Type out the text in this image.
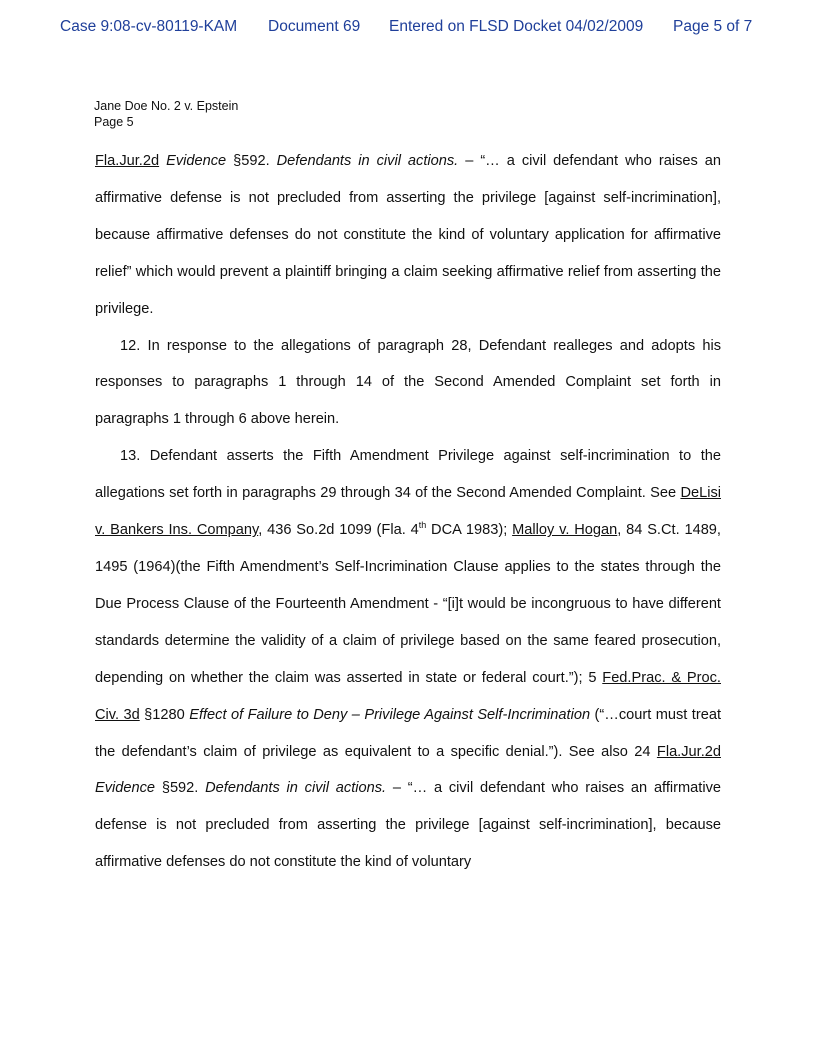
Case 9:08-cv-80119-KAM Document 69 Entered on FLSD Docket 04/02/2009 Page 5 of 7
Jane Doe No. 2 v. Epstein
Page 5

Fla.Jur.2d Evidence §592. Defendants in civil actions. – “… a civil defendant who raises an affirmative defense is not precluded from asserting the privilege [against self-incrimination], because affirmative defenses do not constitute the kind of voluntary application for affirmative relief” which would prevent a plaintiff bringing a claim seeking affirmative relief from asserting the privilege.

12. In response to the allegations of paragraph 28, Defendant realleges and adopts his responses to paragraphs 1 through 14 of the Second Amended Complaint set forth in paragraphs 1 through 6 above herein.

13. Defendant asserts the Fifth Amendment Privilege against self-incrimination to the allegations set forth in paragraphs 29 through 34 of the Second Amended Complaint. See DeLisi v. Bankers Ins. Company, 436 So.2d 1099 (Fla. 4th DCA 1983); Malloy v. Hogan, 84 S.Ct. 1489, 1495 (1964)(the Fifth Amendment’s Self-Incrimination Clause applies to the states through the Due Process Clause of the Fourteenth Amendment - “[i]t would be incongruous to have different standards determine the validity of a claim of privilege based on the same feared prosecution, depending on whether the claim was asserted in state or federal court.”); 5 Fed.Prac. & Proc. Civ. 3d §1280 Effect of Failure to Deny – Privilege Against Self-Incrimination (“…court must treat the defendant’s claim of privilege as equivalent to a specific denial.”). See also 24 Fla.Jur.2d Evidence §592. Defendants in civil actions. – “… a civil defendant who raises an affirmative defense is not precluded from asserting the privilege [against self-incrimination], because affirmative defenses do not constitute the kind of voluntary
